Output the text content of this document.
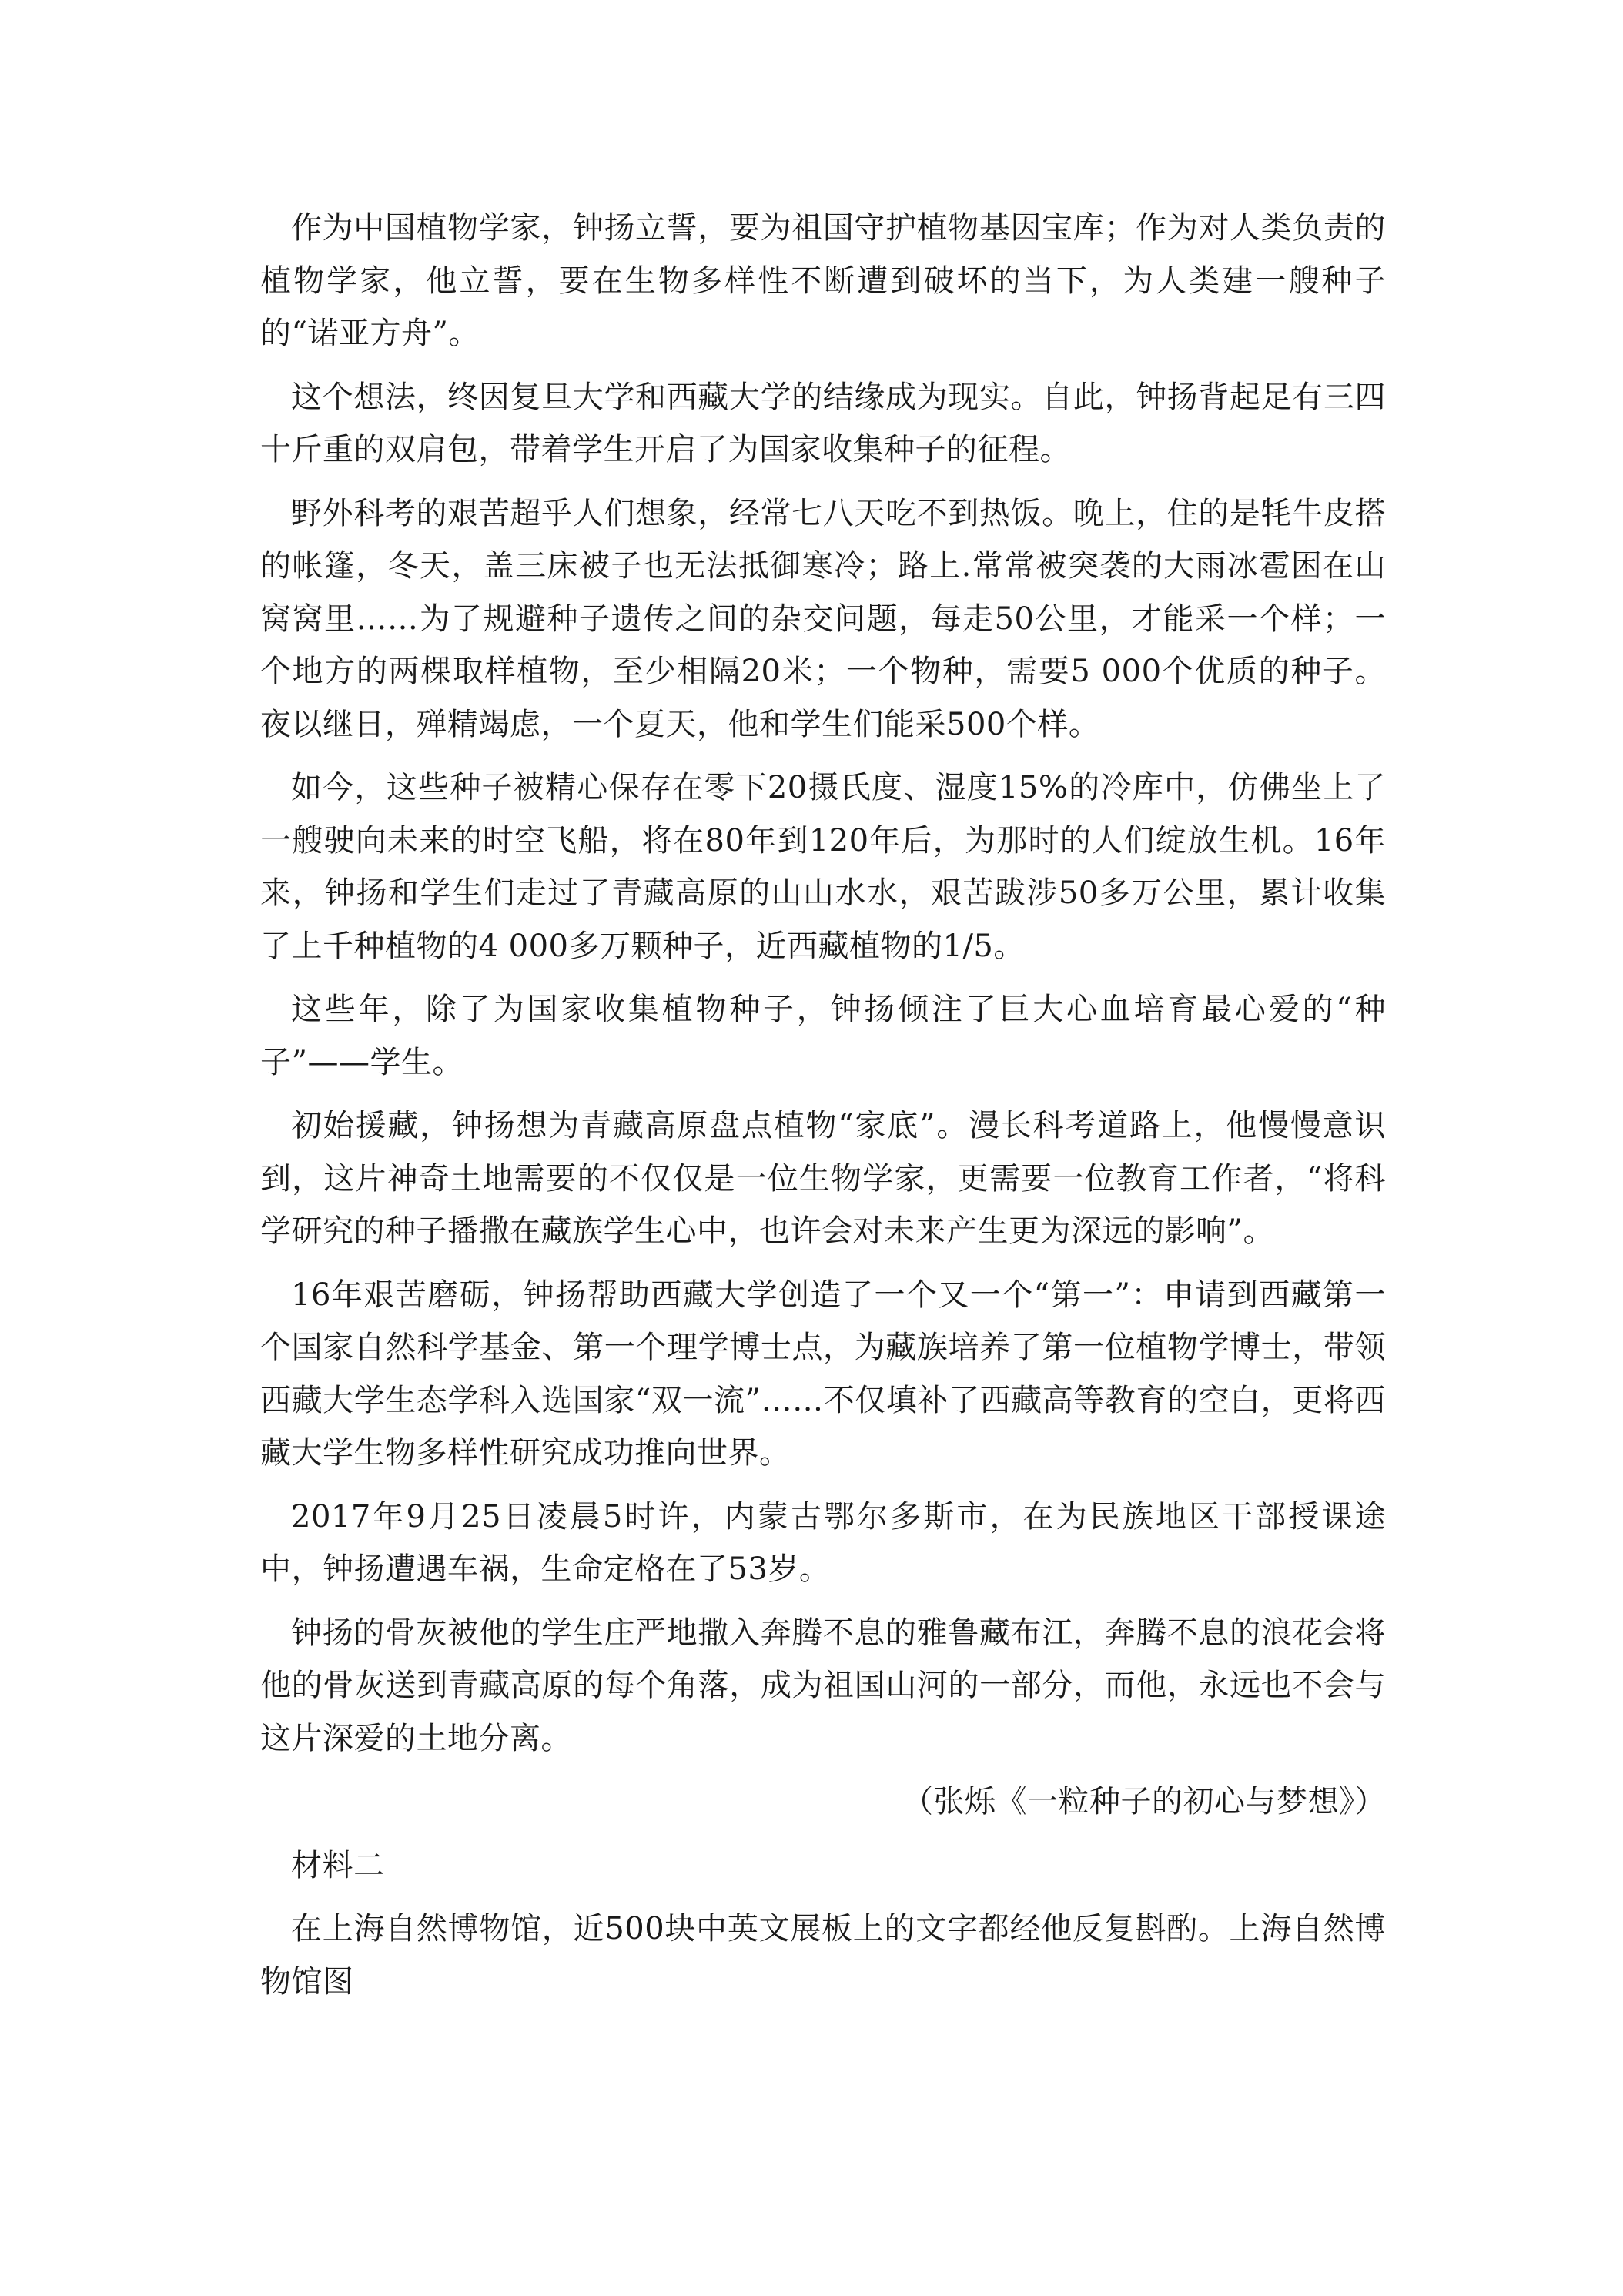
作为中国植物学家，钟扬立誓，要为祖国守护植物基因宝库；作为对人类负责的植物学家，他立誓，要在生物多样性不断遭到破坏的当下，为人类建一艘种子的“诺亚方舟”。

这个想法，终因复旦大学和西藏大学的结缘成为现实。自此，钟扬背起足有三四十斤重的双肩包，带着学生开启了为国家收集种子的征程。

野外科考的艰苦超乎人们想象，经常七八天吃不到热饭。晚上，住的是牦牛皮搭的帐篷，冬天，盖三床被子也无法抵御寒冷；路上.常常被突袭的大雨冰雹困在山窝窝里……为了规避种子遗传之间的杂交问题，每走50公里，才能采一个样；一个地方的两棵取样植物，至少相隔20米；一个物种，需要5 000个优质的种子。夜以继日，殚精竭虑，一个夏天，他和学生们能采500个样。

如今，这些种子被精心保存在零下20摄氏度、湿度15%的冷库中，仿佛坐上了一艘驶向未来的时空飞船，将在80年到120年后，为那时的人们绽放生机。16年来，钟扬和学生们走过了青藏高原的山山水水，艰苦跋涉50多万公里，累计收集了上千种植物的4 000多万颗种子，近西藏植物的1/5。

这些年，除了为国家收集植物种子，钟扬倾注了巨大心血培育最心爱的“种子”——学生。

初始援藏，钟扬想为青藏高原盘点植物“家底”。漫长科考道路上，他慢慢意识到，这片神奇土地需要的不仅仅是一位生物学家，更需要一位教育工作者，“将科学研究的种子播撒在藏族学生心中，也许会对未来产生更为深远的影响”。

16年艰苦磨砺，钟扬帮助西藏大学创造了一个又一个“第一”：申请到西藏第一个国家自然科学基金、第一个理学博士点，为藏族培养了第一位植物学博士，带领西藏大学生态学科入选国家“双一流”……不仅填补了西藏高等教育的空白，更将西藏大学生物多样性研究成功推向世界。

2017年9月25日凌晨5时许，内蒙古鄂尔多斯市，在为民族地区干部授课途中，钟扬遭遇车祸，生命定格在了53岁。

钟扬的骨灰被他的学生庄严地撒入奔腾不息的雅鲁藏布江，奔腾不息的浪花会将他的骨灰送到青藏高原的每个角落，成为祖国山河的一部分，而他，永远也不会与这片深爱的土地分离。

（张烁《一粒种子的初心与梦想》）

材料二

在上海自然博物馆，近500块中英文展板上的文字都经他反复斟酌。上海自然博物馆图
